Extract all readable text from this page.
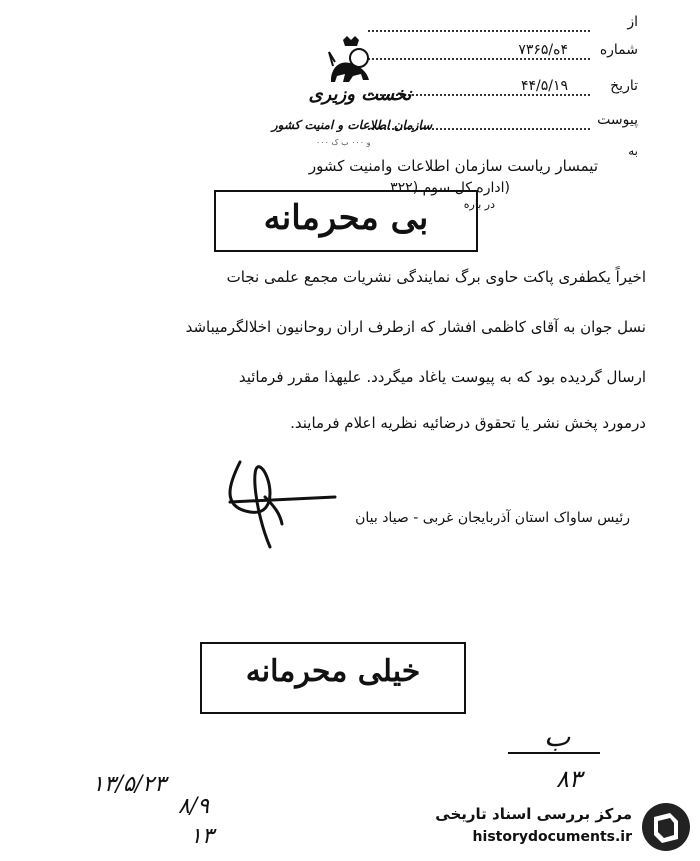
از
شماره
۴ه/۷۳۶۵
تاریخ
۴۴/۵/۱۹
پیوست
به
نخست وزیری
سازمان اطلاعات و امنیت کشور
۰۰۰ و ۰۰۰ ب ک
تیمسار ریاست سازمان اطلاعات وامنیت کشور
(اداره کل سوم (۳۲۲
در باره
بی محرمانه
اخیراً یکطفری پاکت حاوی برگ نمایندگی نشریات مجمع علمی نجات
نسل جوان به آقای کاظمی افشار که ازطرف اران روحانیون اخلالگرمیباشد
ارسال گردیده بود که به پیوست یاغاد میگردد. علیهذا مقرر فرمائید
درمورد پخش نشر یا تحقوق درضائیه نظریه اعلام فرمایند.
رئیس ساواک استان آذربایجان غربی - صیاد بیان
خیلی محرمانه
ب
۸۳
۱۳/۵/۲۳
۸/۹
۱۳
مرکز بررسی اسناد تاریخی
historydocuments.ir
